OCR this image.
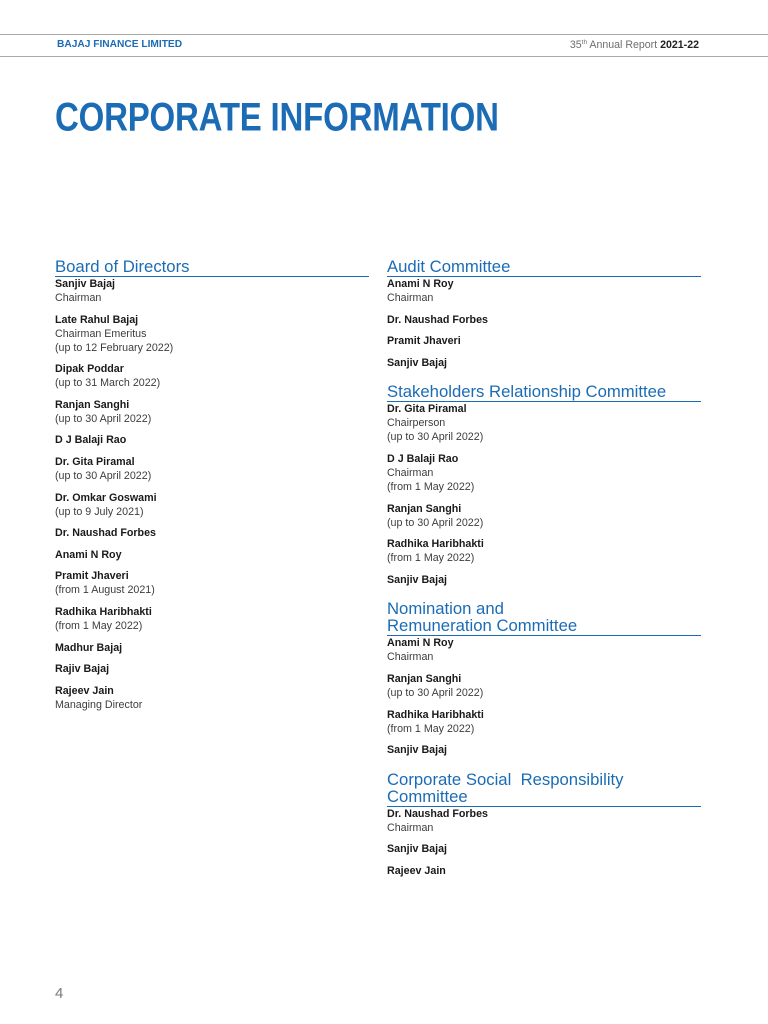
BAJAJ FINANCE LIMITED	35th Annual Report 2021-22
CORPORATE INFORMATION
Board of Directors
Sanjiv Bajaj
Chairman
Late Rahul Bajaj
Chairman Emeritus
(up to 12 February 2022)
Dipak Poddar
(up to 31 March 2022)
Ranjan Sanghi
(up to 30 April 2022)
D J Balaji Rao
Dr. Gita Piramal
(up to 30 April 2022)
Dr. Omkar Goswami
(up to 9 July 2021)
Dr. Naushad Forbes
Anami N Roy
Pramit Jhaveri
(from 1 August 2021)
Radhika Haribhakti
(from 1 May 2022)
Madhur Bajaj
Rajiv Bajaj
Rajeev Jain
Managing Director
Audit Committee
Anami N Roy
Chairman
Dr. Naushad Forbes
Pramit Jhaveri
Sanjiv Bajaj
Stakeholders Relationship Committee
Dr. Gita Piramal
Chairperson
(up to 30 April 2022)
D J Balaji Rao
Chairman
(from 1 May 2022)
Ranjan Sanghi
(up to 30 April 2022)
Radhika Haribhakti
(from 1 May 2022)
Sanjiv Bajaj
Nomination and
Remuneration Committee
Anami N Roy
Chairman
Ranjan Sanghi
(up to 30 April 2022)
Radhika Haribhakti
(from 1 May 2022)
Sanjiv Bajaj
Corporate Social  Responsibility
Committee
Dr. Naushad Forbes
Chairman
Sanjiv Bajaj
Rajeev Jain
4
